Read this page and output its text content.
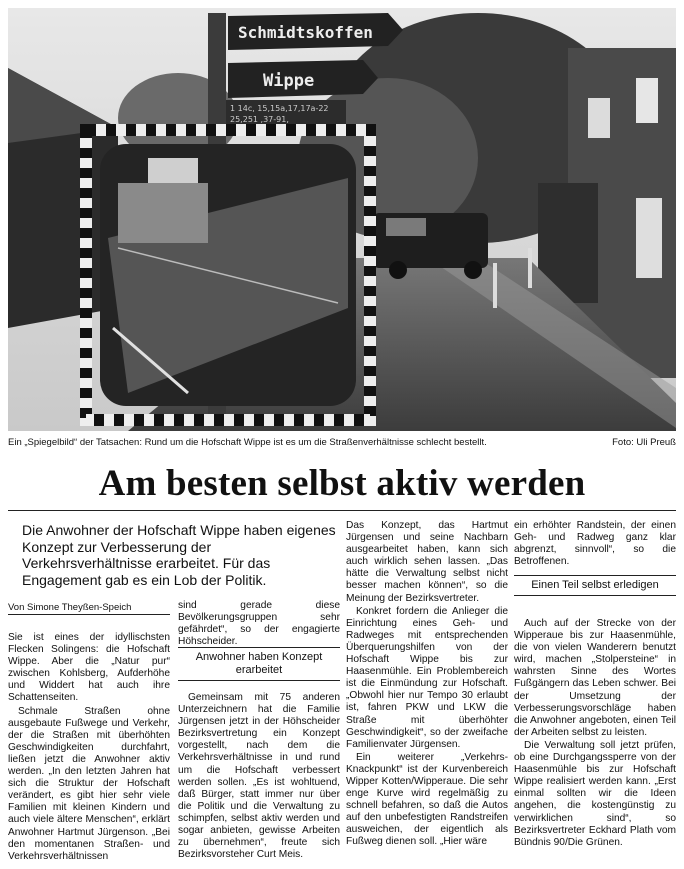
Schmidtskoffen
Wippe
1 14c, 15,15a,17,17a-22
25,251 ,37-91,
Ein „Spiegelbild“ der Tatsachen: Rund um die Hofschaft Wippe ist es um die Straßenverhältnisse schlecht bestellt.	Foto: Uli Preuß
Am besten selbst aktiv werden
Die Anwohner der Hofschaft Wippe haben eigenes Konzept zur Verbesserung der Verkehrsverhältnisse erarbeitet. Für das Engagement gab es ein Lob der Politik.
Von Simone Theyßen-Speich

Sie ist eines der idyllischsten Flecken Solingens: die Hofschaft Wippe. Aber die „Natur pur“ zwischen Kohlsberg, Aufderhöhe und Widdert hat auch ihre Schattenseiten.

Schmale Straßen ohne ausgebaute Fußwege und Verkehr, der die Straßen mit überhöhten Geschwindigkeiten durchfahrt, ließen jetzt die Anwohner aktiv werden. „In den letzten Jahren hat sich die Struktur der Hofschaft verändert, es gibt hier sehr viele Familien mit kleinen Kindern und auch viele ältere Menschen“, erklärt Anwohner Hartmut Jürgenson. „Bei den momentanen Straßen- und Verkehrsverhältnissen

sind gerade diese Bevölkerungsgruppen sehr gefährdet“, so der engagierte Höhscheider.

Anwohner haben Konzept erarbeitet

Gemeinsam mit 75 anderen Unterzeichnern hat die Familie Jürgensen jetzt in der Höhscheider Bezirksvertretung ein Konzept vorgestellt, nach dem die Verkehrsverhältnisse in und rund um die Hofschaft verbessert werden sollen. „Es ist wohltuend, daß Bürger, statt immer nur über die Politik und die Verwaltung zu schimpfen, selbst aktiv werden und sogar anbieten, gewisse Arbeiten zu übernehmen“, freute sich Bezirksvorsteher Curt Meis.

Das Konzept, das Hartmut Jürgensen und seine Nachbarn ausgearbeitet haben, kann sich auch wirklich sehen lassen. „Das hätte die Verwaltung selbst nicht besser machen können“, so die Meinung der Bezirksvertreter.

Konkret fordern die Anlieger die Einrichtung eines Geh- und Radweges mit entsprechenden Überquerungshilfen von der Hofschaft Wippe bis zur Haasenmühle. Ein Problembereich ist die Einmündung zur Hofschaft. „Obwohl hier nur Tempo 30 erlaubt ist, fahren PKW und LKW die Straße mit überhöhter Geschwindigkeit“, so der zweifache Familienvater Jürgensen.

Ein weiterer „Verkehrs-Knackpunkt“ ist der Kurvenbereich Wipper Kotten/Wipperaue. Die sehr enge Kurve wird regelmäßig zu schnell befahren, so daß die Autos auf den unbefestigten Randstreifen ausweichen, der eigentlich als Fußweg dienen soll. „Hier wäre

ein erhöhter Randstein, der einen Geh- und Radweg ganz klar abgrenzt, sinnvoll“, so die Betroffenen.

Einen Teil selbst erledigen

Auch auf der Strecke von der Wipperaue bis zur Haasenmühle, die von vielen Wanderern benutzt wird, machen „Stolpersteine“ in wahrsten Sinne des Wortes Fußgängern das Leben schwer. Bei der Umsetzung der Verbesserungsvorschläge haben die Anwohner angeboten, einen Teil der Arbeiten selbst zu leisten.

Die Verwaltung soll jetzt prüfen, ob eine Durchgangssperre von der Haasenmühle bis zur Hofschaft Wippe realisiert werden kann. „Erst einmal sollten wir die Ideen angehen, die kostengünstig zu verwirklichen sind“, so Bezirksvertreter Eckhard Plath vom Bündnis 90/Die Grünen.
